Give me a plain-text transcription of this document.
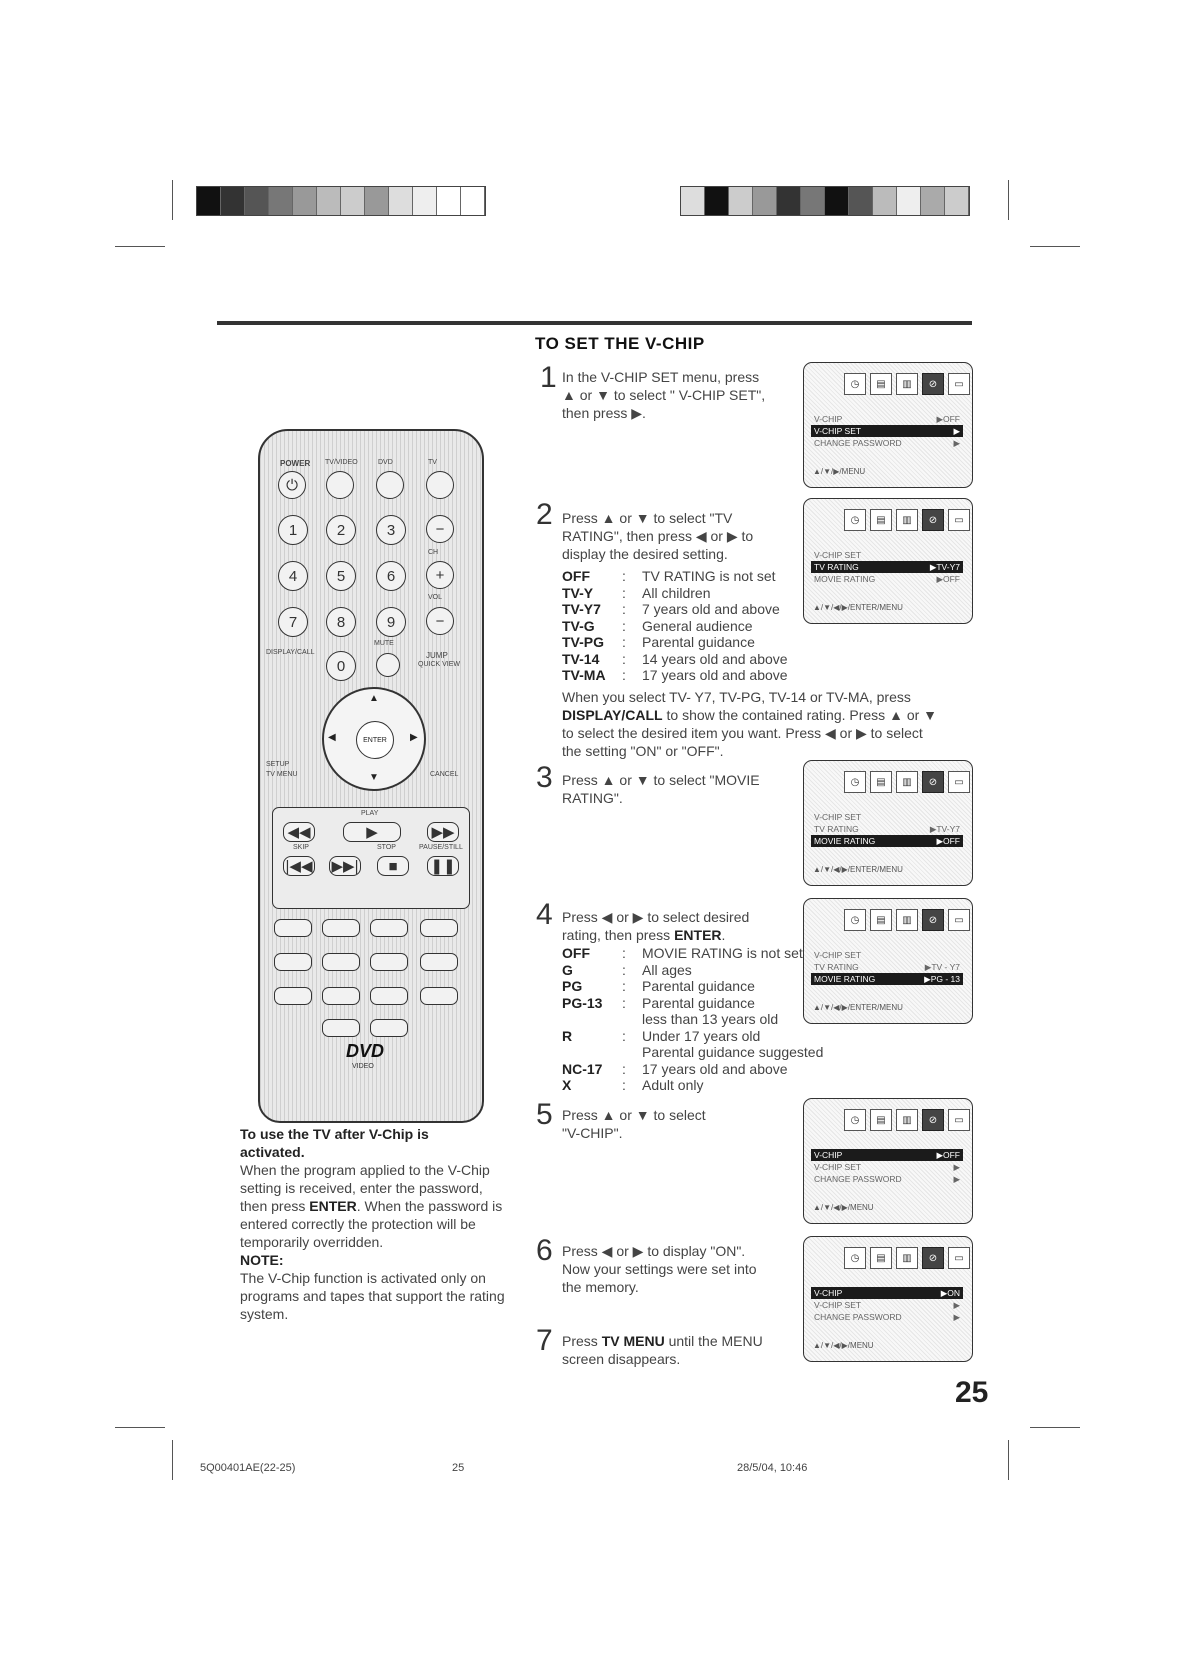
TO SET THE V-CHIP
POWER TV/VIDEO	DVD	TV
⏻
1	2	3	−
CH
4	5	6	+
VOL
7	8	9	−
MUTE
DISPLAY/CALL
0
JUMP
QUICK VIEW
▲
▼
◀	▶
ENTER
SETUP
TV MENU	CANCEL
PLAY
◀◀	▶	▶▶
SKIP	STOP	PAUSE/STILL
|◀◀ ▶▶|	■	❚❚
DVD
VIDEO
To use the TV after V-Chip is
activated.
When the program applied to the V-Chip
setting is received, enter the password,
then press ENTER. When the password is
entered correctly the protection will be
temporarily overridden.
NOTE:
The V-Chip function is activated only on
programs and tapes that support the rating
system.
1 In the V-CHIP SET menu, press
▲ or ▼ to select " V-CHIP SET",
then press ▶.
2 Press ▲ or ▼ to select "TV
RATING", then press ◀ or ▶ to
display the desired setting.
OFF	:	TV RATING is not set
TV-Y	:	All children
TV-Y7	:	7 years old and above
TV-G	:	General audience
TV-PG	:	Parental guidance
TV-14	:	14 years old and above
TV-MA	:	17 years old and above
When you select TV- Y7, TV-PG, TV-14 or TV-MA, press
DISPLAY/CALL to show the contained rating. Press ▲ or ▼
to select the desired item you want. Press ◀ or ▶ to select
the setting "ON" or "OFF".
3 Press ▲ or ▼ to select "MOVIE
RATING".
4 Press ◀ or ▶ to select desired
rating, then press ENTER.
OFF	:	MOVIE RATING is not set
G	:	All ages
PG	:	Parental guidance
PG-13	:	Parental guidance
less than 13 years old
R	:	Under 17 years old
Parental guidance suggested
NC-17	:	17 years old and above
X	:	Adult only
5 Press ▲ or ▼ to select
"V-CHIP".
6 Press ◀ or ▶ to display "ON".
Now your settings were set into
the memory.
7 Press TV MENU until the MENU
screen disappears.
◷	▤	▥	⊘	▭
V-CHIP	▶OFF
V-CHIP SET	▶
CHANGE PASSWORD	▶
▲/▼/▶/MENU
◷	▤	▥	⊘	▭
V-CHIP SET
TV RATING	▶TV-Y7
MOVIE RATING	▶OFF
▲/▼/◀/▶/ENTER/MENU
◷	▤	▥	⊘	▭
V-CHIP SET
TV RATING	▶TV-Y7
MOVIE RATING	▶OFF
▲/▼/◀/▶/ENTER/MENU
◷	▤	▥	⊘	▭
V-CHIP SET
TV RATING	▶TV - Y7
MOVIE RATING	▶PG - 13
▲/▼/◀/▶/ENTER/MENU
◷	▤	▥	⊘	▭
V-CHIP	▶OFF
V-CHIP SET	▶
CHANGE PASSWORD	▶
▲/▼/◀/▶/MENU
◷	▤	▥	⊘	▭
V-CHIP	▶ON
V-CHIP SET	▶
CHANGE PASSWORD	▶
▲/▼/◀/▶/MENU
25
5Q00401AE(22-25)	25	28/5/04, 10:46
